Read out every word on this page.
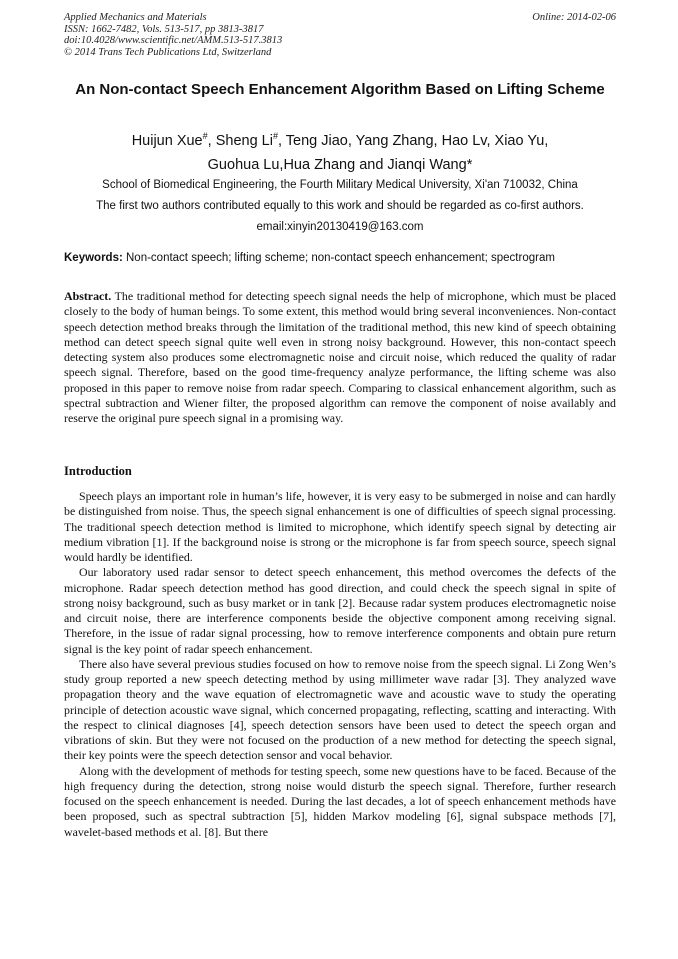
Applied Mechanics and Materials
ISSN: 1662-7482, Vols. 513-517, pp 3813-3817
doi:10.4028/www.scientific.net/AMM.513-517.3813
© 2014 Trans Tech Publications Ltd, Switzerland
Online: 2014-02-06
An Non-contact Speech Enhancement Algorithm Based on Lifting Scheme
Huijun Xue#, Sheng Li#, Teng Jiao, Yang Zhang, Hao Lv, Xiao Yu,
Guohua Lu,Hua Zhang and Jianqi Wang*
School of Biomedical Engineering, the Fourth Military Medical University, Xi'an 710032, China
The first two authors contributed equally to this work and should be regarded as co-first authors.
email:xinyin20130419@163.com
Keywords: Non-contact speech; lifting scheme; non-contact speech enhancement; spectrogram

Abstract. The traditional method for detecting speech signal needs the help of microphone, which must be placed closely to the body of human beings. To some extent, this method would bring several inconveniences. Non-contact speech detection method breaks through the limitation of the traditional method, this new kind of speech obtaining method can detect speech signal quite well even in strong noisy background. However, this non-contact speech detecting system also produces some electromagnetic noise and circuit noise, which reduced the quality of radar speech signal. Therefore, based on the good time-frequency analyze performance, the lifting scheme was also proposed in this paper to remove noise from radar speech. Comparing to classical enhancement algorithm, such as spectral subtraction and Wiener filter, the proposed algorithm can remove the component of noise availably and reserve the original pure speech signal in a promising way.

Introduction

Speech plays an important role in human’s life, however, it is very easy to be submerged in noise and can hardly be distinguished from noise. Thus, the speech signal enhancement is one of difficulties of speech signal processing. The traditional speech detection method is limited to microphone, which identify speech signal by detecting air medium vibration [1]. If the background noise is strong or the microphone is far from speech source, speech signal would hardly be identified.

Our laboratory used radar sensor to detect speech enhancement, this method overcomes the defects of the microphone. Radar speech detection method has good direction, and could check the speech signal in spite of strong noisy background, such as busy market or in tank [2]. Because radar system produces electromagnetic noise and circuit noise, there are interference components beside the objective component among receiving signal. Therefore, in the issue of radar signal processing, how to remove interference components and obtain pure return signal is the key point of radar speech enhancement.

There also have several previous studies focused on how to remove noise from the speech signal. Li Zong Wen’s study group reported a new speech detecting method by using millimeter wave radar [3]. They analyzed wave propagation theory and the wave equation of electromagnetic wave and acoustic wave to study the operating principle of detection acoustic wave signal, which concerned propagating, reflecting, scatting and interacting. With the respect to clinical diagnoses [4], speech detection sensors have been used to detect the speech organ and vibrations of skin. But they were not focused on the production of a new method for detecting the speech signal, their key points were the speech detection sensor and vocal behavior.

Along with the development of methods for testing speech, some new questions have to be faced. Because of the high frequency during the detection, strong noise would disturb the speech signal. Therefore, further research focused on the speech enhancement is needed. During the last decades, a lot of speech enhancement methods have been proposed, such as spectral subtraction [5], hidden Markov modeling [6], signal subspace methods [7], wavelet-based methods et al. [8]. But there
